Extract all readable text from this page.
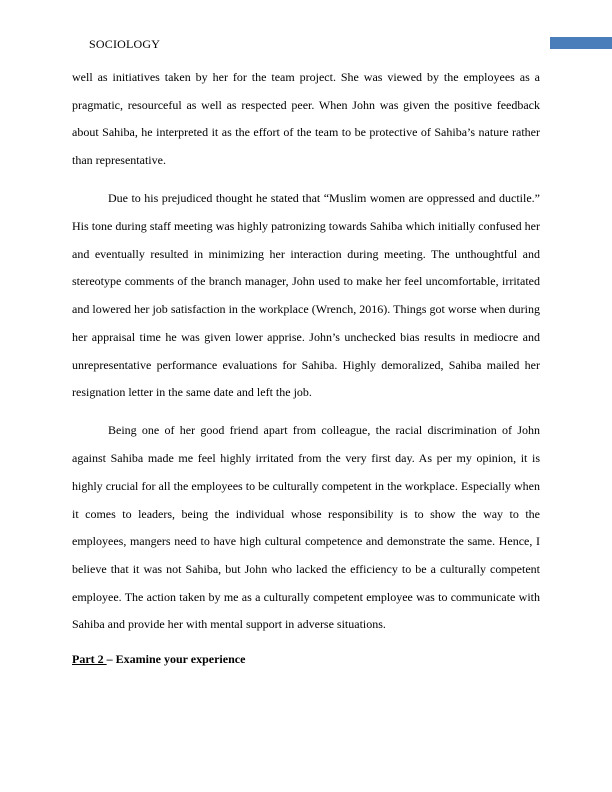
SOCIOLOGY

well as initiatives taken by her for the team project. She was viewed by the employees as a pragmatic, resourceful as well as respected peer. When John was given the positive feedback about Sahiba, he interpreted it as the effort of the team to be protective of Sahiba’s nature rather than representative.

Due to his prejudiced thought he stated that “Muslim women are oppressed and ductile.” His tone during staff meeting was highly patronizing towards Sahiba which initially confused her and eventually resulted in minimizing her interaction during meeting. The unthoughtful and stereotype comments of the branch manager, John used to make her feel uncomfortable, irritated and lowered her job satisfaction in the workplace (Wrench, 2016). Things got worse when during her appraisal time he was given lower apprise. John’s unchecked bias results in mediocre and unrepresentative performance evaluations for Sahiba. Highly demoralized, Sahiba mailed her resignation letter in the same date and left the job.

Being one of her good friend apart from colleague, the racial discrimination of John against Sahiba made me feel highly irritated from the very first day. As per my opinion, it is highly crucial for all the employees to be culturally competent in the workplace. Especially when it comes to leaders, being the individual whose responsibility is to show the way to the employees, mangers need to have high cultural competence and demonstrate the same. Hence, I believe that it was not Sahiba, but John who lacked the efficiency to be a culturally competent employee. The action taken by me as a culturally competent employee was to communicate with Sahiba and provide her with mental support in adverse situations.

Part 2 – Examine your experience
